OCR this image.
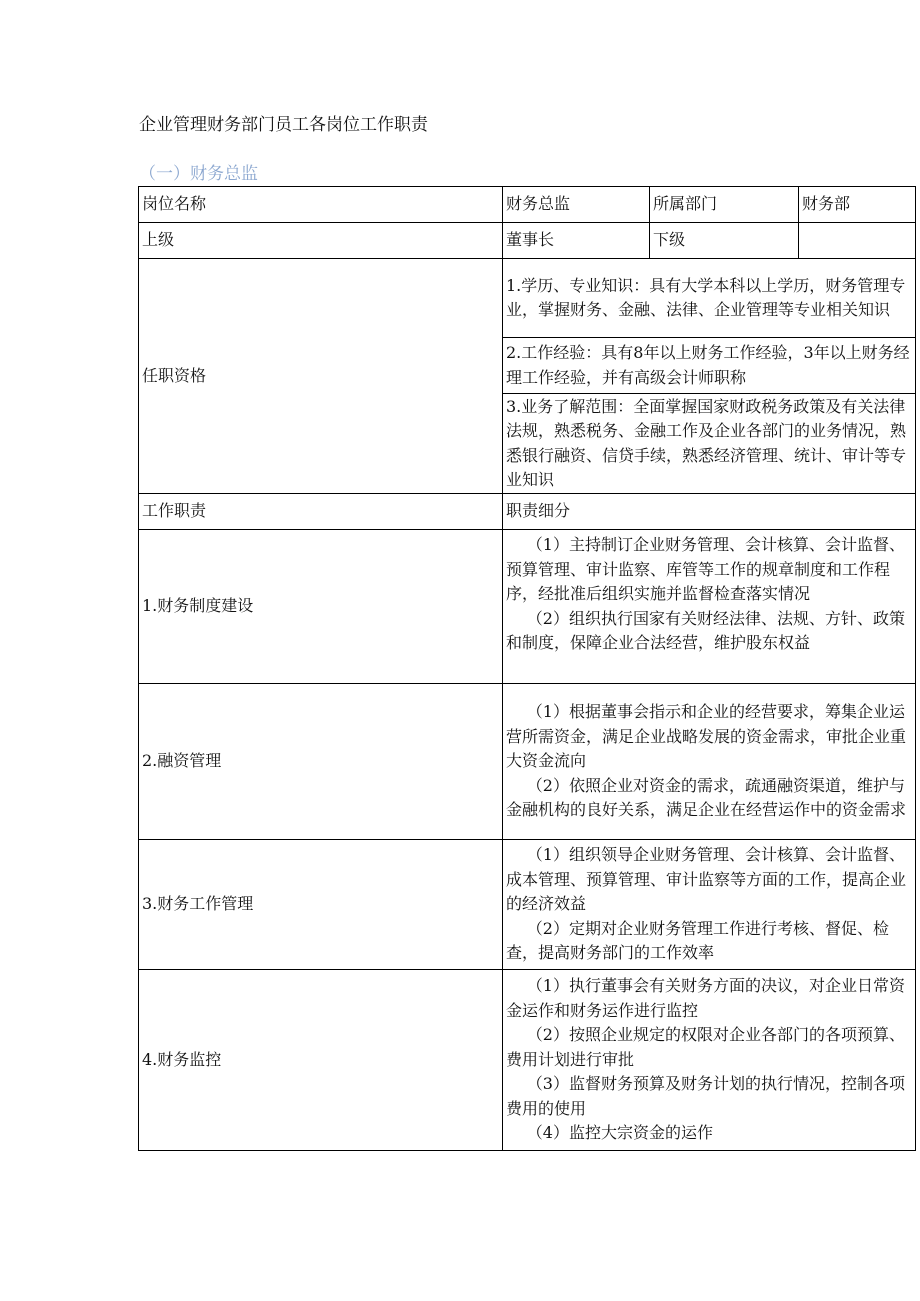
企业管理财务部门员工各岗位工作职责
（一）财务总监
岗位名称	财务总监	所属部门	财务部
上级	董事长	下级	
任职资格	1.学历、专业知识：具有大学本科以上学历，财务管理专业，掌握财务、金融、法律、企业管理等专业相关知识		
	2.工作经验：具有8年以上财务工作经验，3年以上财务经理工作经验，并有高级会计师职称		
	3.业务了解范围：全面掌握国家财政税务政策及有关法律法规，熟悉税务、金融工作及企业各部门的业务情况，熟悉银行融资、信贷手续，熟悉经济管理、统计、审计等专业知识		
工作职责	职责细分		
1.财务制度建设	（1）主持制订企业财务管理、会计核算、会计监督、预算管理、审计监察、库管等工作的规章制度和工作程序，经批准后组织实施并监督检查落实情况
（2）组织执行国家有关财经法律、法规、方针、政策和制度，保障企业合法经营，维护股东权益		

2.融资管理	（1）根据董事会指示和企业的经营要求，筹集企业运营所需资金，满足企业战略发展的资金需求，审批企业重大资金流向
（2）依照企业对资金的需求，疏通融资渠道，维护与金融机构的良好关系，满足企业在经营运作中的资金需求		

3.财务工作管理	（1）组织领导企业财务管理、会计核算、会计监督、成本管理、预算管理、审计监察等方面的工作，提高企业的经济效益
（2）定期对企业财务管理工作进行考核、督促、检查，提高财务部门的工作效率		

4.财务监控	（1）执行董事会有关财务方面的决议，对企业日常资金运作和财务运作进行监控
（2）按照企业规定的权限对企业各部门的各项预算、费用计划进行审批
（3）监督财务预算及财务计划的执行情况，控制各项费用的使用
（4）监控大宗资金的运作		
